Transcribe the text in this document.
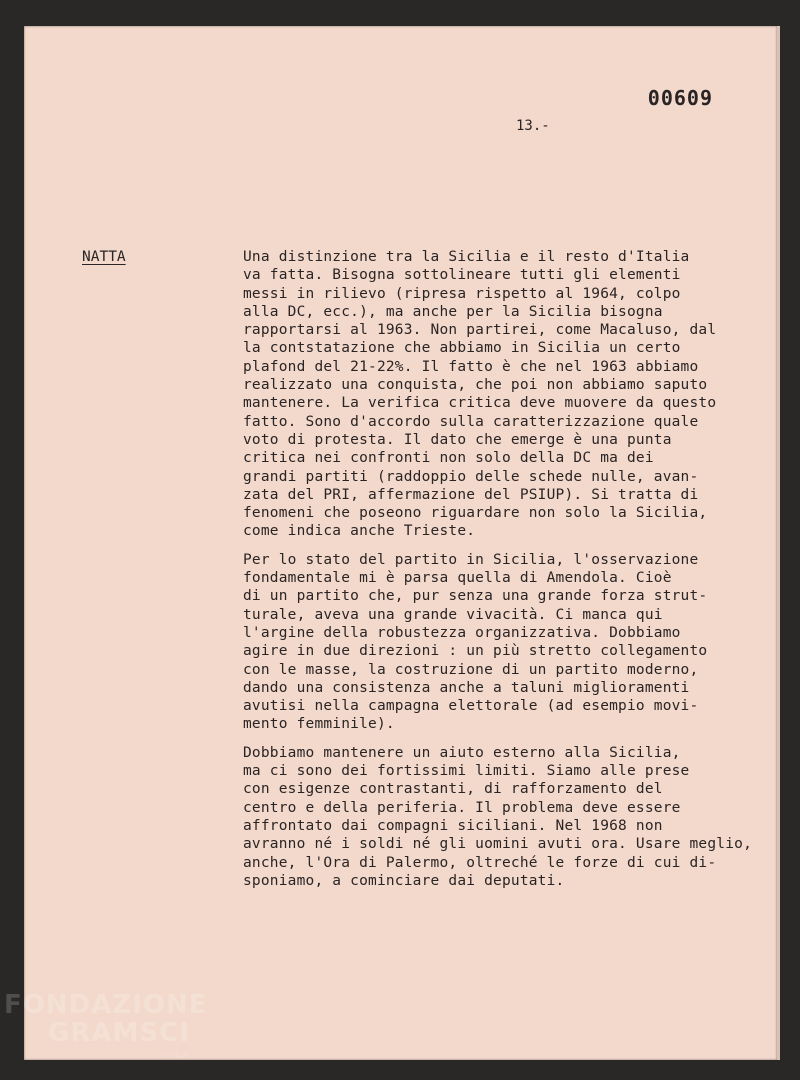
00609
13.-
NATTA	Una distinzione tra la Sicilia e il resto d'Italia
va fatta. Bisogna sottolineare tutti gli elementi
messi in rilievo (ripresa rispetto al 1964, colpo
alla DC, ecc.), ma anche per la Sicilia bisogna
rapportarsi al 1963. Non partirei, come Macaluso, dal
la contstatazione che abbiamo in Sicilia un certo
plafond del 21-22%. Il fatto è che nel 1963 abbiamo
realizzato una conquista, che poi non abbiamo saputo
mantenere. La verifica critica deve muovere da questo
fatto. Sono d'accordo sulla caratterizzazione quale
voto di protesta. Il dato che emerge è una punta
critica nei confronti non solo della DC ma dei
grandi partiti (raddoppio delle schede nulle, avan-
zata del PRI, affermazione del PSIUP). Si tratta di
fenomeni che poseono riguardare non solo la Sicilia,
come indica anche Trieste.
Per lo stato del partito in Sicilia, l'osservazione
fondamentale mi è parsa quella di Amendola. Cioè
di un partito che, pur senza una grande forza strut-
turale, aveva una grande vivacità. Ci manca qui
l'argine della robustezza organizzativa. Dobbiamo
agire in due direzioni : un più stretto collegamento
con le masse, la costruzione di un partito moderno,
dando una consistenza anche a taluni miglioramenti
avutisi nella campagna elettorale (ad esempio movi-
mento femminile).
Dobbiamo mantenere un aiuto esterno alla Sicilia,
ma ci sono dei fortissimi limiti. Siamo alle prese
con esigenze contrastanti, di rafforzamento del
centro e della periferia. Il problema deve essere
affrontato dai compagni siciliani. Nel 1968 non
avranno né i soldi né gli uomini avuti ora. Usare meglio,
anche, l'Ora di Palermo, oltreché le forze di cui di-
sponiamo, a cominciare dai deputati.
FONDAZIONE
GRAMSCI
onlus
